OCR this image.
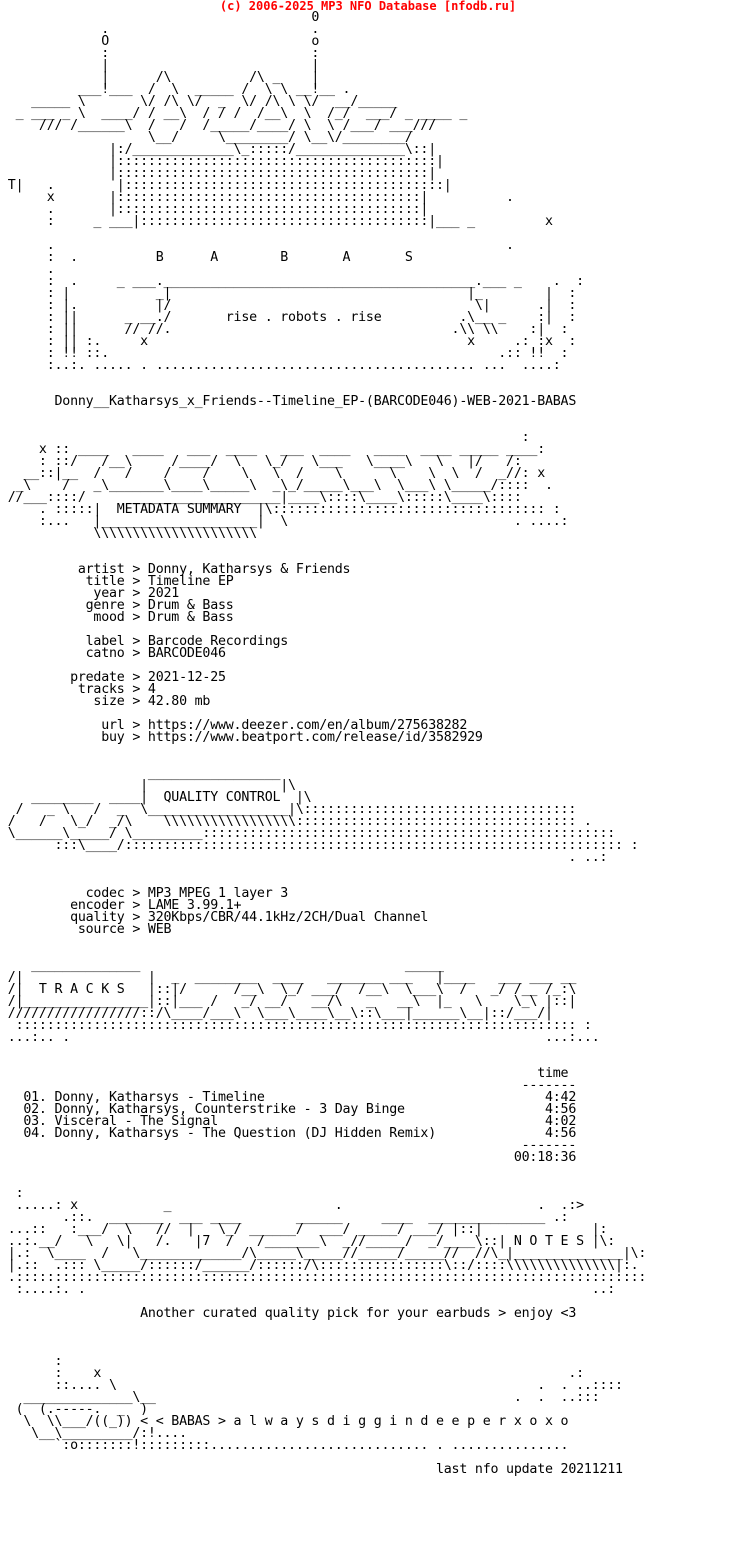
(c) 2006-2025 MP3 NFO Database [nfodb.ru]
0
.                          .
O                          o
:                          :
|                          |
|      /\          /\ _    |
___!___  /  \  _____ /  \ \ __!__ .
_____ \       \/ /\ \/  _  \/ /\ \ \/  __/_____
_ ___ _ \  ____/ / __\  / / /  /__\  \  /_/  ___/ _ ____ _
/// /______\  /   /  /_____/____/ \  \ /___/ ___///
\__/     \________/ \__\/________/
|:/_____________\_:::::/______________\::|
|:::::::::::::::::::::::::::::::::::::::::|
|::::::::::::::::::::::::::::::::::::::::|
T|   .        |:::::::::::::::::::::::::::::::::::::::::|
x       |:::::::::::::::::::::::::::::::::::::::|          .
.       |:::::::::::::::::::::::::::::::::::::::|
:     _ ___|:::::::::::::::::::::::::::::::::::::|___ _         x

.                                                          .
:  .          B      A        B       A       S
.
:  .     _ ___.________________________________________.___ _    .  :
: |           _|                                      |_        |  :
: |.          |/                                       \|      .|  :
: ||      _ __./       rise . robots . rise          .\__ _    :|  :
: ||      // //.                                    .\\ \\    :|  :
: || :.     x                                         x     .: :x  :
: !! ::.                                                  .:: !!  :
:..:. ..... . ......................................... ...  ....:

Donny__Katharsys_x_Friends--Timeline_EP-(BARCODE046)-WEB-2021-BABAS

:
x :: ____   ____   ___  ____   ___  ____   ____  ____ _____ ____:
: ::/   /__\     /____/  \   \_/   \___   \____\   \   |/   /:
__::|__  /   /    /    /    \   \  /    \      \    \  \  /  _//: x
_\    /   _\_______\____\_____\  _\_/_____\___\  \___\ \_____/::::  .
//___::::/      ___________________|____\::::\____\:::::\____\::::
. :::::|  METADATA SUMMARY  |\::::::::::::::::::::::::::::::::::: :
:...   |____________________|  \                             . ....:
\\\\\\\\\\\\\\\\\\\\\

artist > Donny, Katharsys & Friends
title > Timeline EP
year > 2021
genre > Drum & Bass
mood > Drum & Bass

label > Barcode Recordings
catno > BARCODE046

predate > 2021-12-25
tracks > 4
size > 42.80 mb

url > https://www.deezer.com/en/album/275638282
buy > https://www.beatport.com/release/id/3582929

_________________
|                 |\
________  ____|  QUALITY CONTROL  |\
/   _ \   /  _  \__________________|\:::::::::::::::::::::::::::::::::::
/   /   \_/  _/\    \\\\\\\\\\\\\\\\\:::::::::::::::::::::::::::::::::::: .
\______\_____/ \_________:::::::::::::::::::::::::::::::::::::::::::::::::::::
:::\____/:::::::::::::::::::::::::::::::::::::::::::::::::::::::::::::::: :
. ..:

codec > MP3 MPEG 1 layer 3
encoder > LAME 3.99.1+
quality > 320Kbps/CBR/44.1kHz/2CH/Dual Channel
source > WEB

______________                                  _____
/|                |  _  ________  ____   _______ ___   |____   ___ ___ __
/|  T R A C K S   |::|/      /__\  \_/ ___/  /__\  \___\  /   _/ /__ /_:\
/|________________|::|___ /   _/ __/   __/\   _   __\  |_   \    \_\ |::|
/////////////////::/\____/___\  \___\____\__\::\___|______\__|::/___/|
:::::::::::::::::::::::::::::::::::::::::::::::::::::::::::::::::::::::: :
...:.. .                                                             ...:...

time
-------
01. Donny, Katharsys - Timeline                                    4:42
02. Donny, Katharsys, Counterstrike - 3 Day Binge                  4:56
03. Visceral - The Signal                                          4:02
04. Donny, Katharsys - The Question (DJ Hidden Remix)              4:56
-------
00:18:36

:
.....: x           _                     .                         .  .:>
.::.  _______  ___ ____       ______     ____  _______________ .:
...::   :___/  \   //  |   \_/ ______/  ___/ _____/ ___/ |::|              |:
..:.__/   \   \|   /.   |7  /   /_______\  _//_____/  _/____\::| N O T E S |\:
|.:  \____  /   \_____________/\_____\_____//_____/_____//  //\_|______________|\:
|.::  .::: \_____/::::::/______/::::::/\::::::::::::::::\::/::::\\\\\\\\\\\\\\|:.
.:::::::::::::::::::::::::::::::::::::::::::::::::::::::::::::::::::::::::::::::::
:....:. .                                                                 ..:

Another curated quality pick for your earbuds > enjoy <3

:
:    x                                                            .:
::.... \                                                      .  . ..::::
______________\__                                              .  .  ..:::
(  (.-----.  _  )
\  \\___/((_)) < < BABAS > a l w a y s d i g g i n d e e p e r x o x o
\__\_________/:!....
`:o:::::::!:::::::::............................ . ...............

last nfo update 20211211
